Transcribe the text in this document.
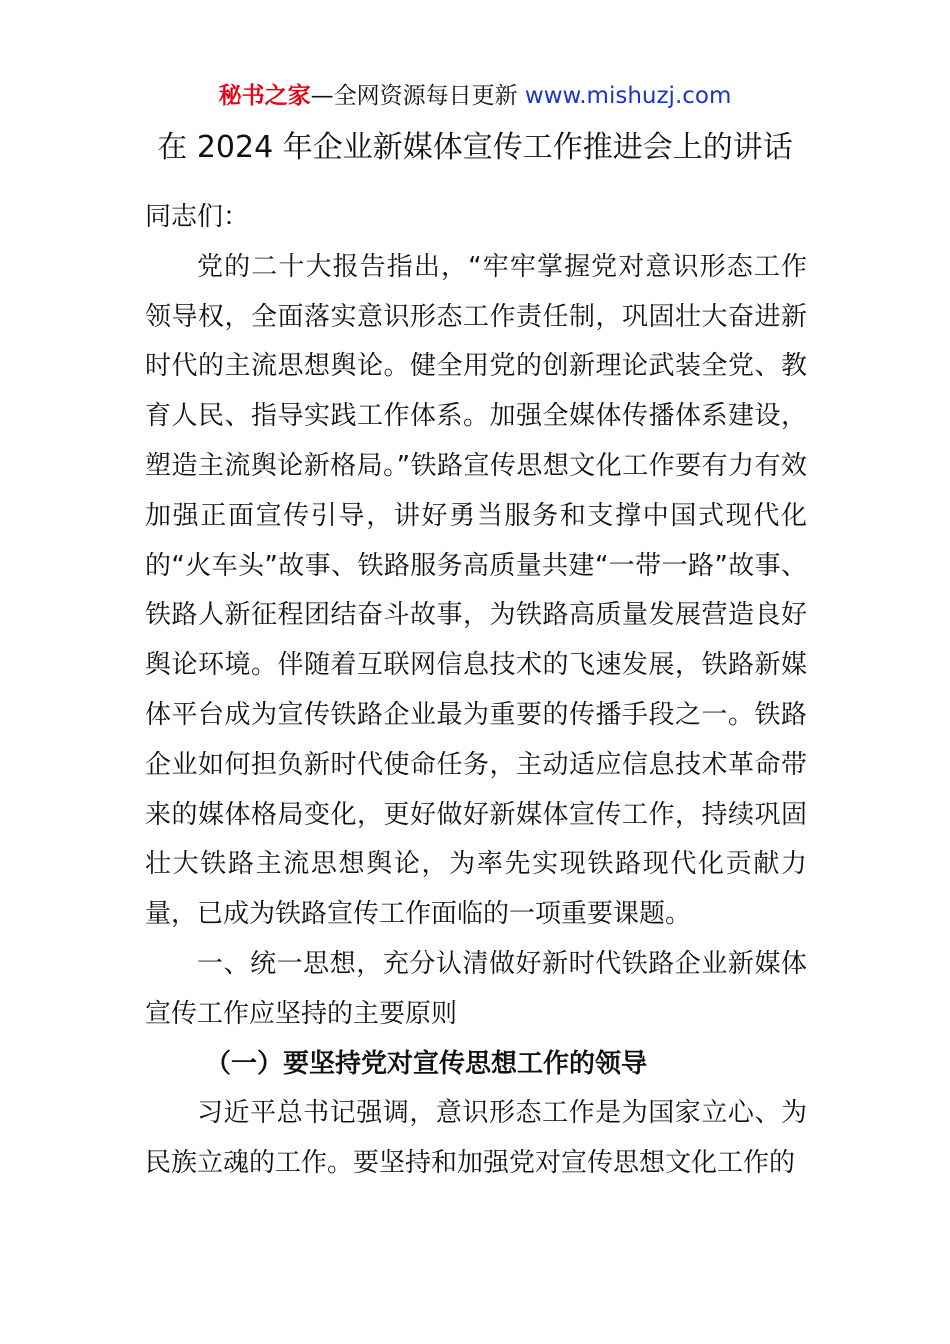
秘书之家—全网资源每日更新 www.mishuzj.com
在 2024 年企业新媒体宣传工作推进会上的讲话

同志们：

党的二十大报告指出，“牢牢掌握党对意识形态工作领导权，全面落实意识形态工作责任制，巩固壮大奋进新时代的主流思想舆论。健全用党的创新理论武装全党、教育人民、指导实践工作体系。加强全媒体传播体系建设，塑造主流舆论新格局。”铁路宣传思想文化工作要有力有效加强正面宣传引导，讲好勇当服务和支撑中国式现代化的“火车头”故事、铁路服务高质量共建“一带一路”故事、铁路人新征程团结奋斗故事，为铁路高质量发展营造良好舆论环境。伴随着互联网信息技术的飞速发展，铁路新媒体平台成为宣传铁路企业最为重要的传播手段之一。铁路企业如何担负新时代使命任务，主动适应信息技术革命带来的媒体格局变化，更好做好新媒体宣传工作，持续巩固壮大铁路主流思想舆论，为率先实现铁路现代化贡献力量，已成为铁路宣传工作面临的一项重要课题。

一、统一思想，充分认清做好新时代铁路企业新媒体宣传工作应坚持的主要原则

（一）要坚持党对宣传思想工作的领导

习近平总书记强调，意识形态工作是为国家立心、为民族立魂的工作。要坚持和加强党对宣传思想文化工作的
